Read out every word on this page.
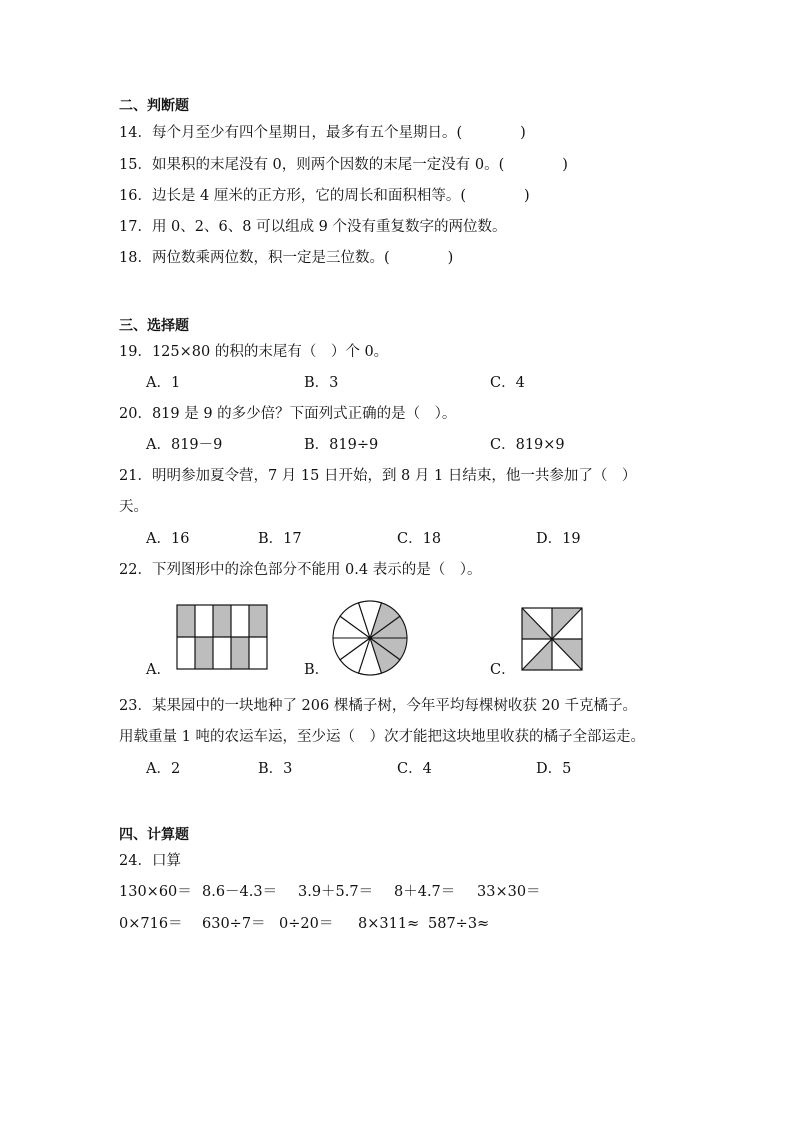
二、判断题
14．每个月至少有四个星期日，最多有五个星期日。(　　　　)
15．如果积的末尾没有 0，则两个因数的末尾一定没有 0。(　　　　)
16．边长是 4 厘米的正方形，它的周长和面积相等。(　　　　)
17．用 0、2、6、8 可以组成 9 个没有重复数字的两位数。
18．两位数乘两位数，积一定是三位数。(　　　　)
三、选择题
19．125×80 的积的末尾有（　）个 0。
A．1	B．3	C．4
20．819 是 9 的多少倍？下面列式正确的是（　）。
A．819－9	B．819÷9	C．819×9
21．明明参加夏令营，7 月 15 日开始，到 8 月 1 日结束，他一共参加了（　）
天。
A．16	B．17	C．18	D．19
22．下列图形中的涂色部分不能用 0.4 表示的是（　）。
A．	B．	C．
23．某果园中的一块地种了 206 棵橘子树，今年平均每棵树收获 20 千克橘子。
用载重量 1 吨的农运车运，至少运（　）次才能把这块地里收获的橘子全部运走。
A．2	B．3	C．4	D．5
四、计算题
24．口算
130×60＝ 8.6－4.3＝ 3.9＋5.7＝ 8＋4.7＝ 33×30＝
0×716＝ 630÷7＝ 0÷20＝ 8×311≈ 587÷3≈
